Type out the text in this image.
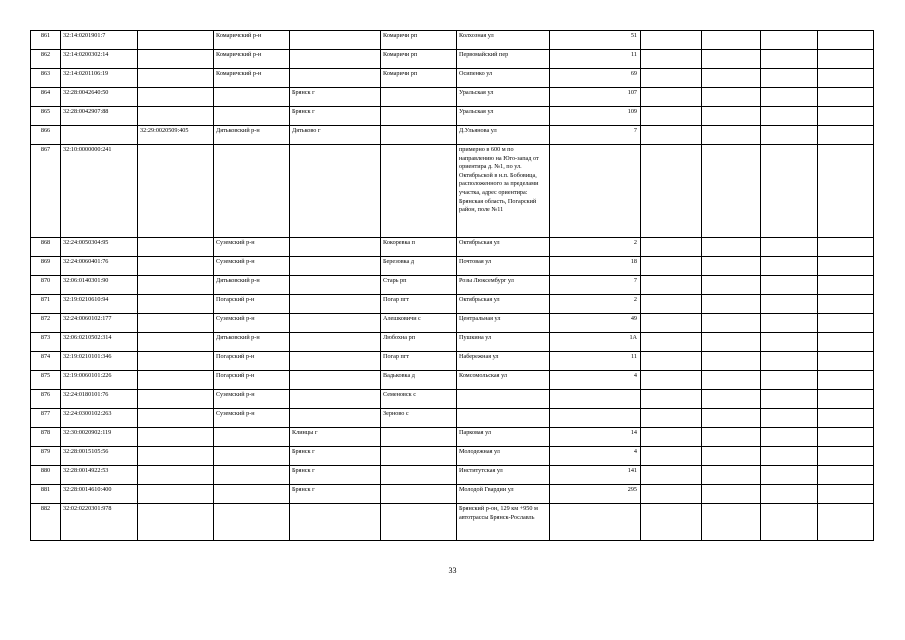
861	32:14:0201901:7		Комаричский р-н		Комаричи рп	Колхозная ул	51				
862	32:14:0200302:14		Комаричский р-н		Комаричи рп	Первомайский пер	11				
863	32:14:0201106:19		Комаричский р-н		Комаричи рп	Осипенко ул	69				
864	32:28:0042640:50			Брянск г		Уральская ул	107				
865	32:28:0042907:88			Брянск г		Уральская ул	109				
866		32:29:0020509:405	Дятьковский р-н	Дятьково г		Д.Ульянова ул	7				
867	32:10:0000000:241					примерно в 600 м по направлению на Юго-запад от ориентира д. №1, по ул. Октябрьской в н.п. Бобовица, расположенного за пределами участка, адрес ориентира: Брянская область, Погарский район, поле №11					
868	32:24:0050304:95		Суземский р-н		Кокоревка п	Октябрьская ул	2				
869	32:24:0060401:76		Суземский р-н		Березовка д	Почтовая ул	18				
870	32:06:0140301:90		Дятьковский р-н		Старь рп	Розы Люксембург ул	7				
871	32:19:0210610:94		Погарский р-н		Погар пгт	Октябрьская ул	2				
872	32:24:0060102:177		Суземский р-н		Алешковичи с	Центральная ул	49				
873	32:06:0210502:314		Дятьковский р-н		Любохна рп	Пушкина ул	1А				
874	32:19:0210101:346		Погарский р-н		Погар пгт	Набережная ул	11				
875	32:19:0060101:226		Погарский р-н		Вадьковка д	Комсомольская ул	4				
876	32:24:0180101:76		Суземский р-н		Семеновск с						
877	32:24:0300102:263		Суземский р-н		Зерново с						
878	32:30:0020902:119			Клинцы г		Парковая ул	14				
879	32:28:0015105:56			Брянск г		Молодежная ул	4				
880	32:28:0014922:53			Брянск г		Институтская ул	141				
881	32:28:0014610:400			Брянск г		Молодой Гвардии ул	295				
882	32:02:0220301:978					Брянский р-он, 129 км +950 м автотрассы Брянск-Рославль					
33
